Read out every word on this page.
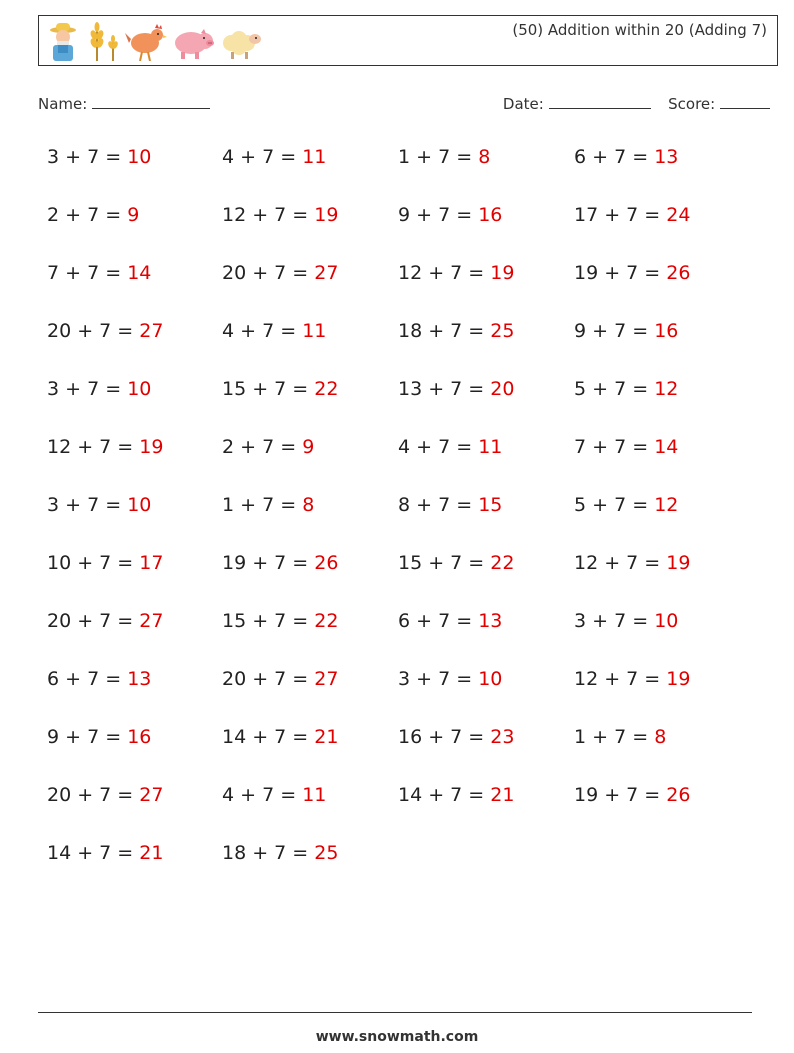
(50) Addition within 20 (Adding 7)
Name:	Date:	Score:
3 + 7 = 10	4 + 7 = 11	1 + 7 = 8	6 + 7 = 13
2 + 7 = 9	12 + 7 = 19	9 + 7 = 16	17 + 7 = 24
7 + 7 = 14	20 + 7 = 27	12 + 7 = 19	19 + 7 = 26
20 + 7 = 27	4 + 7 = 11	18 + 7 = 25	9 + 7 = 16
3 + 7 = 10	15 + 7 = 22	13 + 7 = 20	5 + 7 = 12
12 + 7 = 19	2 + 7 = 9	4 + 7 = 11	7 + 7 = 14
3 + 7 = 10	1 + 7 = 8	8 + 7 = 15	5 + 7 = 12
10 + 7 = 17	19 + 7 = 26	15 + 7 = 22	12 + 7 = 19
20 + 7 = 27	15 + 7 = 22	6 + 7 = 13	3 + 7 = 10
6 + 7 = 13	20 + 7 = 27	3 + 7 = 10	12 + 7 = 19
9 + 7 = 16	14 + 7 = 21	16 + 7 = 23	1 + 7 = 8
20 + 7 = 27	4 + 7 = 11	14 + 7 = 21	19 + 7 = 26
14 + 7 = 21	18 + 7 = 25
www.snowmath.com
